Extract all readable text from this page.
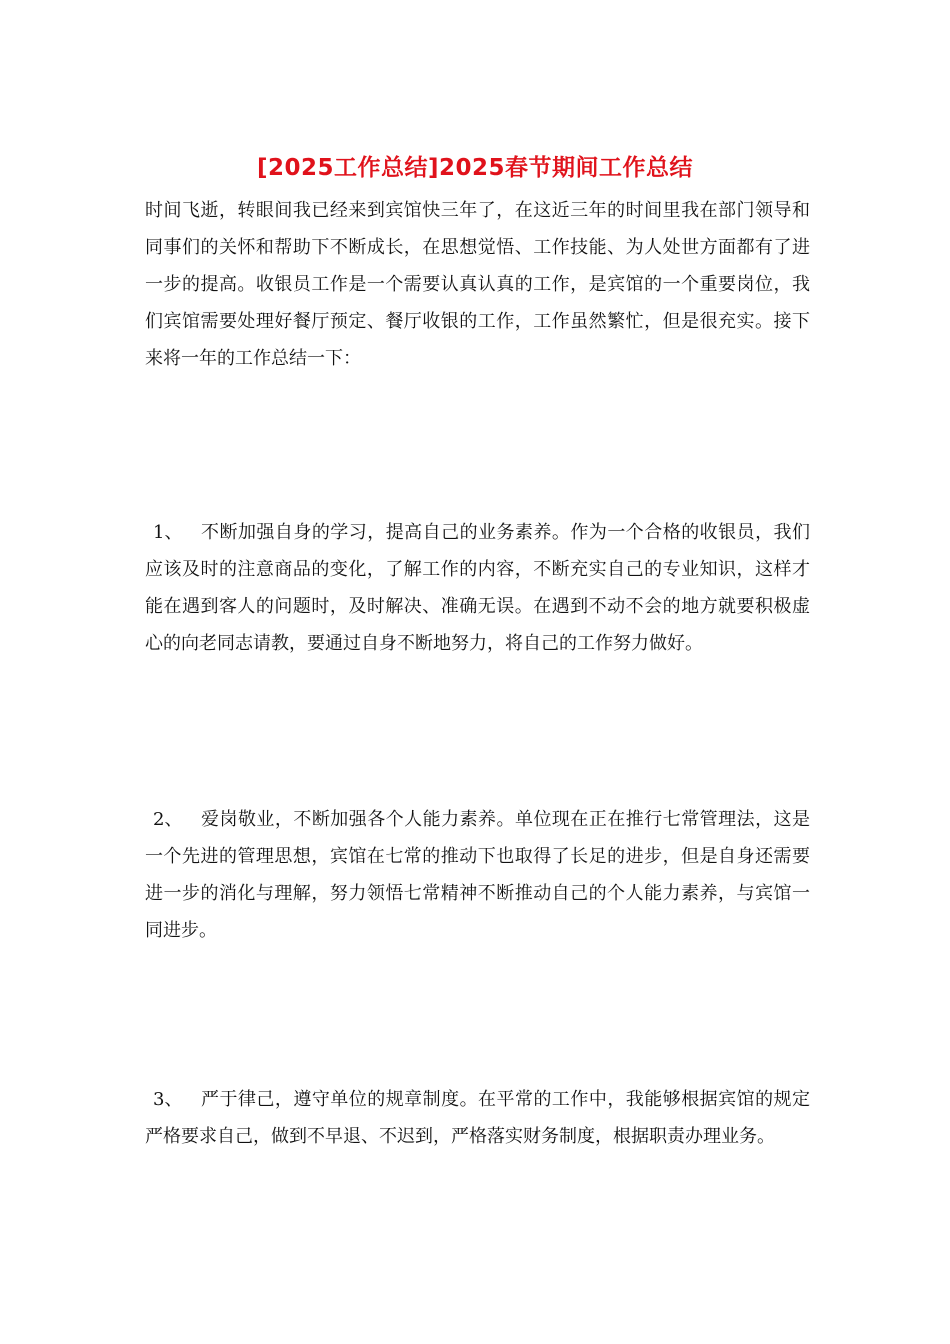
[2025工作总结]2025春节期间工作总结

时间飞逝，转眼间我已经来到宾馆快三年了，在这近三年的时间里我在部门领导和同事们的关怀和帮助下不断成长，在思想觉悟、工作技能、为人处世方面都有了进一步的提高。收银员工作是一个需要认真认真的工作，是宾馆的一个重要岗位，我们宾馆需要处理好餐厅预定、餐厅收银的工作，工作虽然繁忙，但是很充实。接下来将一年的工作总结一下：

1、 不断加强自身的学习，提高自己的业务素养。作为一个合格的收银员，我们应该及时的注意商品的变化，了解工作的内容，不断充实自己的专业知识，这样才能在遇到客人的问题时，及时解决、准确无误。在遇到不动不会的地方就要积极虚心的向老同志请教，要通过自身不断地努力，将自己的工作努力做好。

2、 爱岗敬业，不断加强各个人能力素养。单位现在正在推行七常管理法，这是一个先进的管理思想，宾馆在七常的推动下也取得了长足的进步，但是自身还需要进一步的消化与理解，努力领悟七常精神不断推动自己的个人能力素养，与宾馆一同进步。

3、 严于律己，遵守单位的规章制度。在平常的工作中，我能够根据宾馆的规定严格要求自己，做到不早退、不迟到，严格落实财务制度，根据职责办理业务。
